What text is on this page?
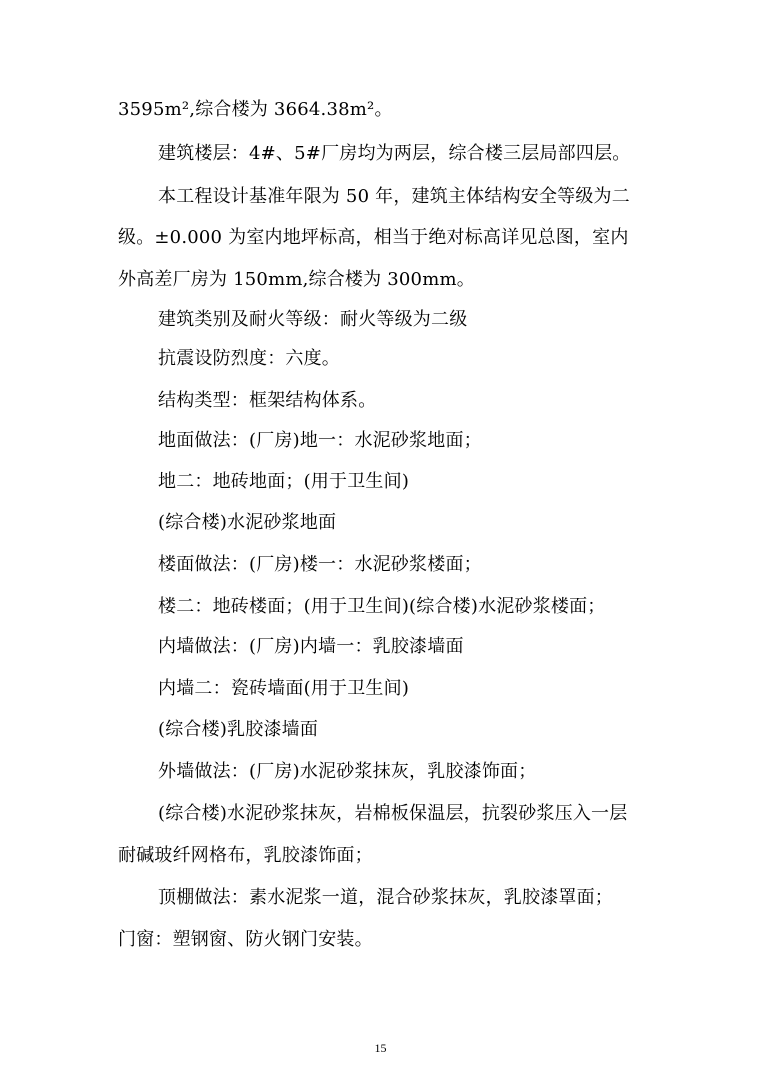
3595m²,综合楼为 3664.38m²。
建筑楼层：4#、5#厂房均为两层，综合楼三层局部四层。
本工程设计基准年限为 50 年，建筑主体结构安全等级为二
级。±0.000 为室内地坪标高，相当于绝对标高详见总图，室内
外高差厂房为 150mm,综合楼为 300mm。
建筑类别及耐火等级：耐火等级为二级
抗震设防烈度：六度。
结构类型：框架结构体系。
地面做法：(厂房)地一：水泥砂浆地面；
地二：地砖地面；(用于卫生间)
(综合楼)水泥砂浆地面
楼面做法：(厂房)楼一：水泥砂浆楼面；
楼二：地砖楼面；(用于卫生间)(综合楼)水泥砂浆楼面；
内墙做法：(厂房)内墙一：乳胶漆墙面
内墙二：瓷砖墙面(用于卫生间)
(综合楼)乳胶漆墙面
外墙做法：(厂房)水泥砂浆抹灰，乳胶漆饰面；
(综合楼)水泥砂浆抹灰，岩棉板保温层，抗裂砂浆压入一层
耐碱玻纤网格布，乳胶漆饰面；
顶棚做法：素水泥浆一道，混合砂浆抹灰，乳胶漆罩面；
门窗：塑钢窗、防火钢门安装。
15
